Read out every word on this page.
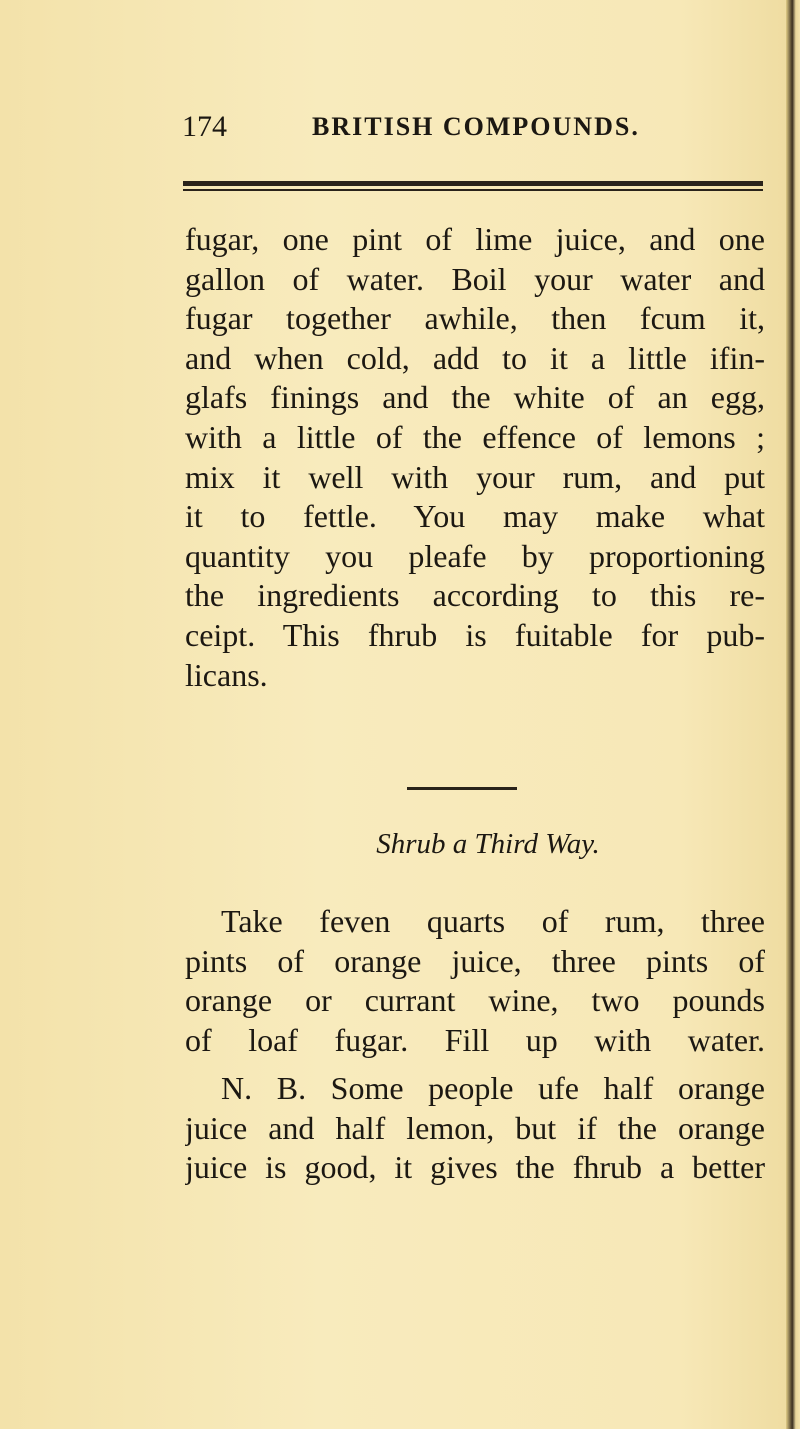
174	BRITISH COMPOUNDS.
fugar, one pint of lime juice, and one
gallon of water. Boil your water and
fugar together awhile, then fcum it,
and when cold, add to it a little ifin-
glafs finings and the white of an egg,
with a little of the effence of lemons ;
mix it well with your rum, and put
it to fettle. You may make what
quantity you pleafe by proportioning
the ingredients according to this re-
ceipt. This fhrub is fuitable for pub-
licans.
Shrub a Third Way.
Take feven quarts of rum, three
pints of orange juice, three pints of
orange or currant wine, two pounds
of loaf fugar. Fill up with water.
N. B. Some people ufe half orange
juice and half lemon, but if the orange
juice is good, it gives the fhrub a better
